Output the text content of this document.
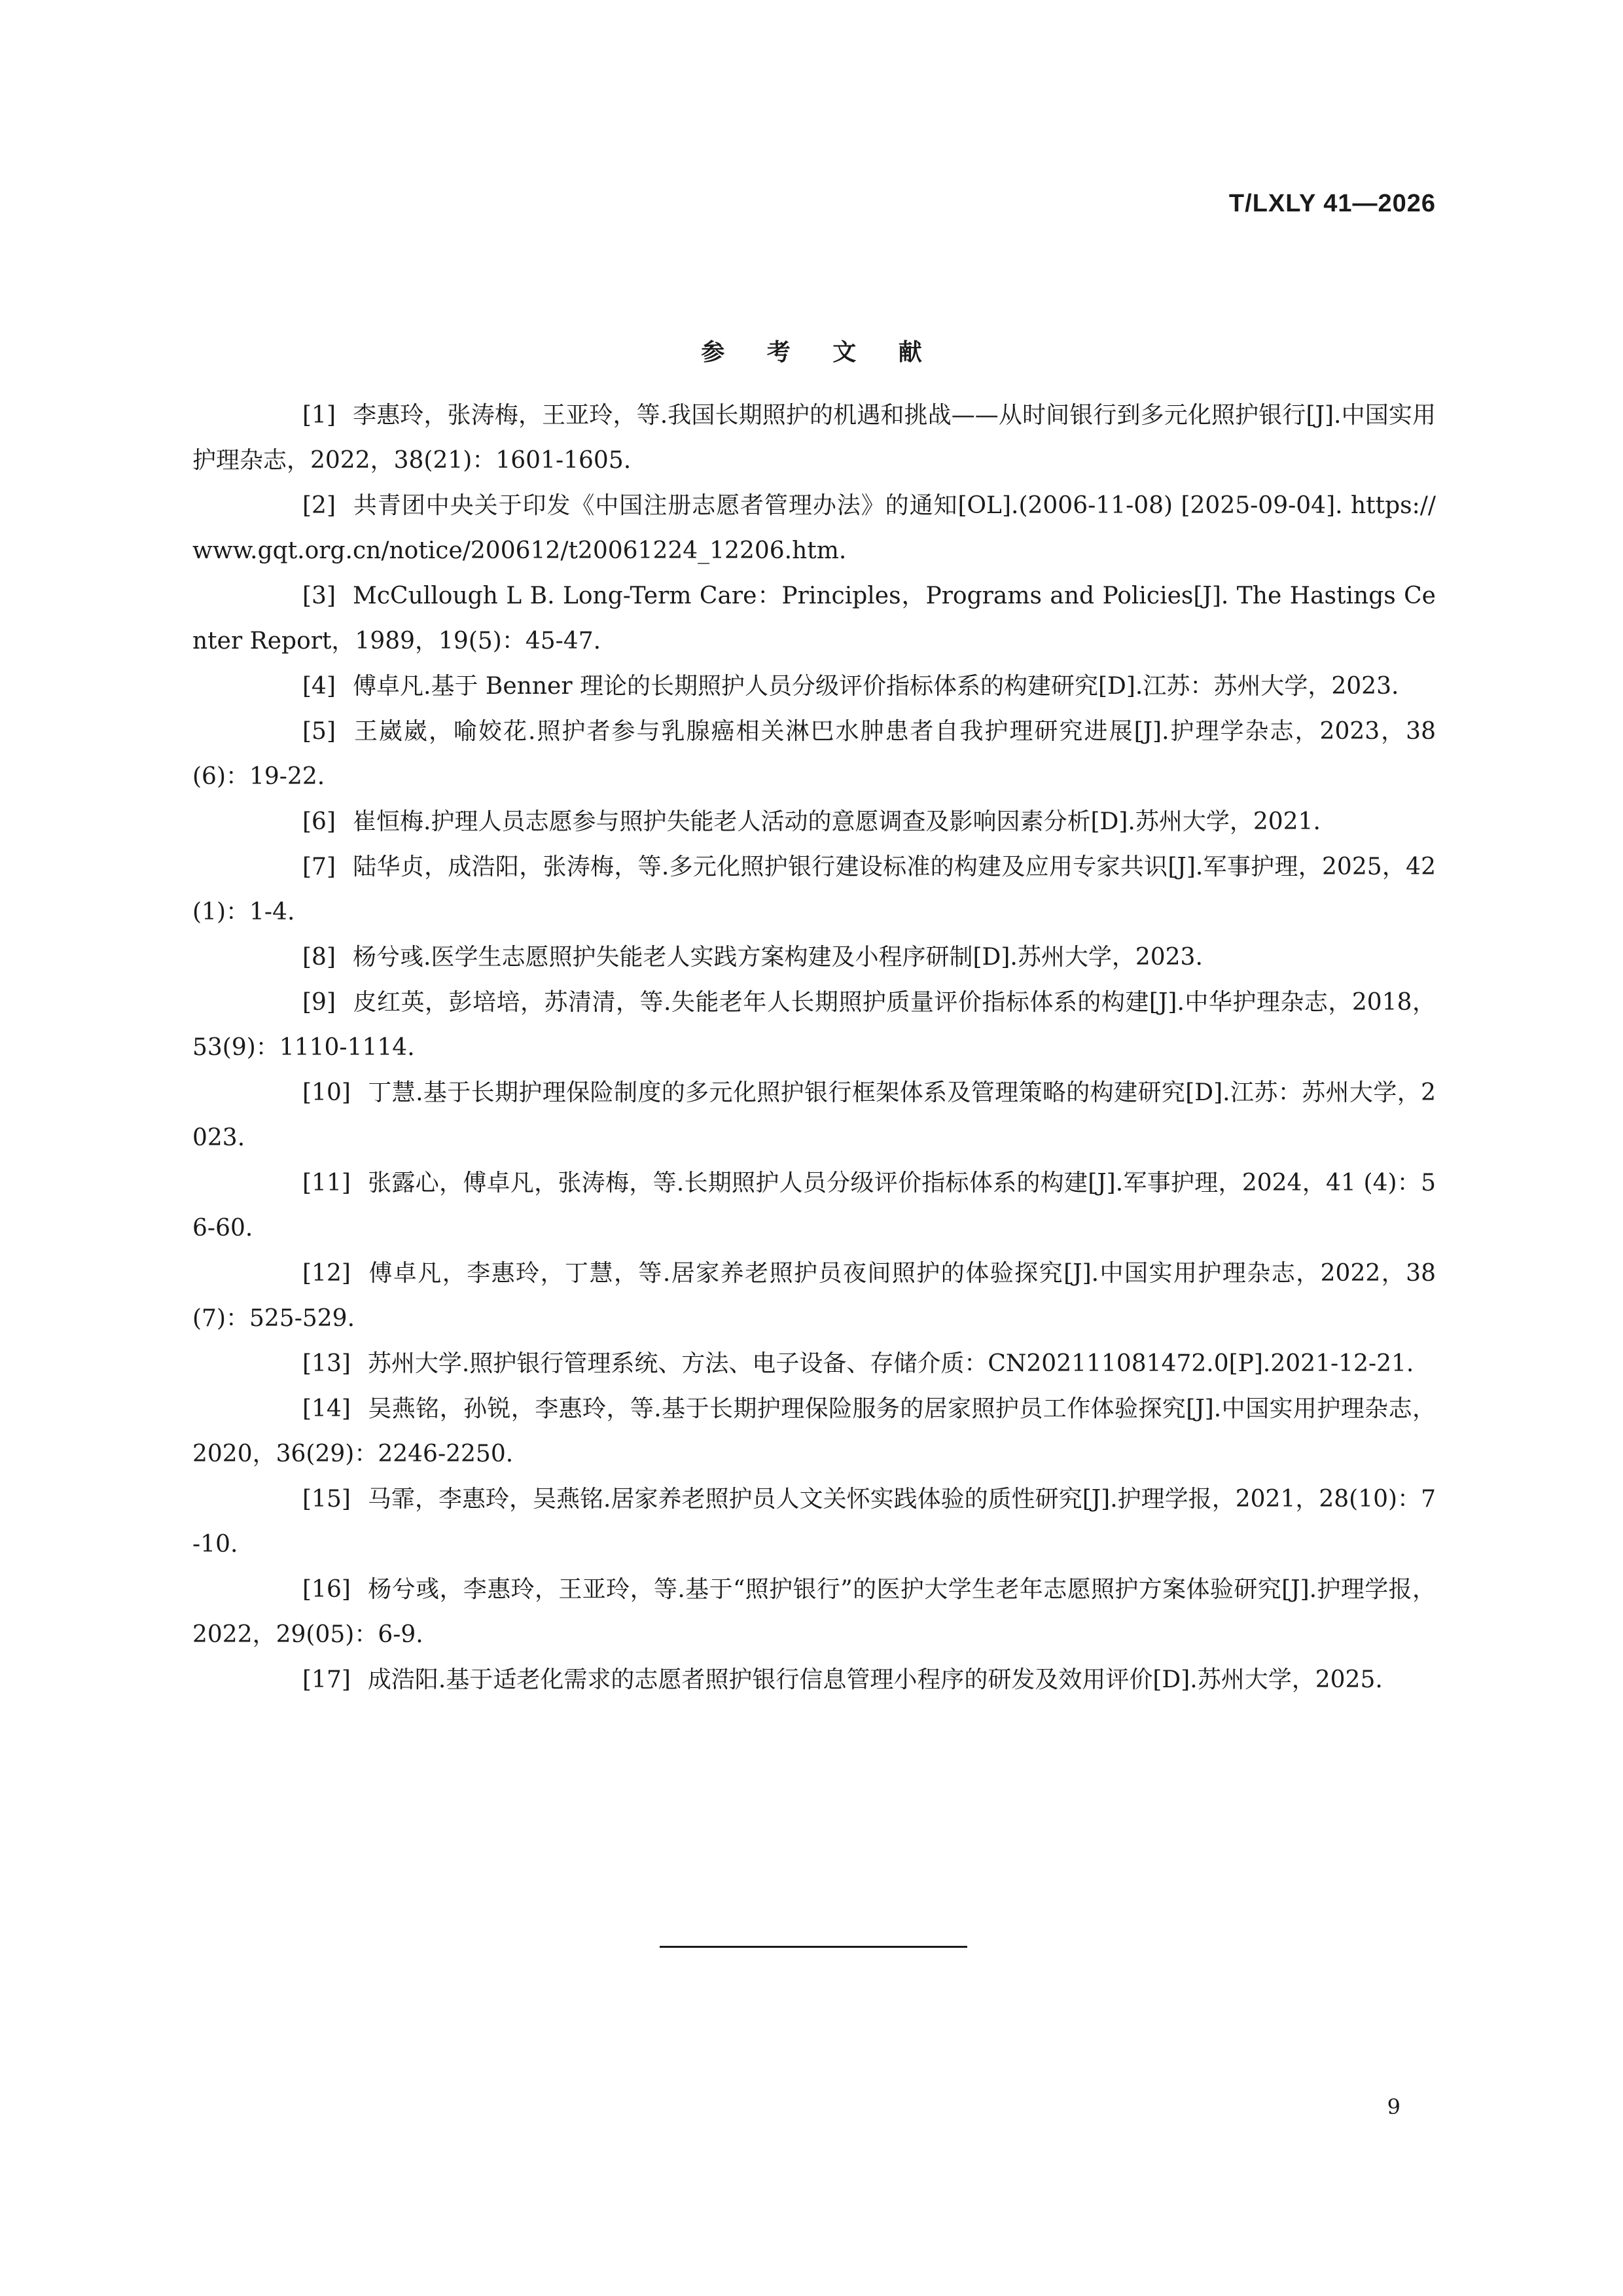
T/LXLY 41—2026
参 考 文 献
[1] 李惠玲，张涛梅，王亚玲，等.我国长期照护的机遇和挑战——从时间银行到多元化照护银行[J].中国实用护理杂志，2022，38(21)：1601-1605.
[2] 共青团中央关于印发《中国注册志愿者管理办法》的通知[OL].(2006-11-08) [2025-09-04]. https://www.gqt.org.cn/notice/200612/t20061224_12206.htm.
[3] McCullough L B. Long-Term Care：Principles，Programs and Policies[J]. The Hastings Center Report，1989，19(5)：45-47.
[4] 傅卓凡.基于 Benner 理论的长期照护人员分级评价指标体系的构建研究[D].江苏：苏州大学，2023.
[5] 王崴崴，喻姣花.照护者参与乳腺癌相关淋巴水肿患者自我护理研究进展[J].护理学杂志，2023，38(6)：19-22.
[6] 崔恒梅.护理人员志愿参与照护失能老人活动的意愿调查及影响因素分析[D].苏州大学，2021.
[7] 陆华贞，成浩阳，张涛梅，等.多元化照护银行建设标准的构建及应用专家共识[J].军事护理，2025，42 (1)：1-4.
[8] 杨兮彧.医学生志愿照护失能老人实践方案构建及小程序研制[D].苏州大学，2023.
[9] 皮红英，彭培培，苏清清，等.失能老年人长期照护质量评价指标体系的构建[J].中华护理杂志，2018，53(9)：1110-1114.
[10] 丁慧.基于长期护理保险制度的多元化照护银行框架体系及管理策略的构建研究[D].江苏：苏州大学，2023.
[11] 张露心，傅卓凡，张涛梅，等.长期照护人员分级评价指标体系的构建[J].军事护理，2024，41 (4)：56-60.
[12] 傅卓凡，李惠玲，丁慧，等.居家养老照护员夜间照护的体验探究[J].中国实用护理杂志，2022，38(7)：525-529.
[13] 苏州大学.照护银行管理系统、方法、电子设备、存储介质：CN202111081472.0[P].2021-12-21.
[14] 吴燕铭，孙锐，李惠玲，等.基于长期护理保险服务的居家照护员工作体验探究[J].中国实用护理杂志，2020，36(29)：2246-2250.
[15] 马霏，李惠玲，吴燕铭.居家养老照护员人文关怀实践体验的质性研究[J].护理学报，2021，28(10)：7-10.
[16] 杨兮彧，李惠玲，王亚玲，等.基于“照护银行”的医护大学生老年志愿照护方案体验研究[J].护理学报，2022，29(05)：6-9.
[17] 成浩阳.基于适老化需求的志愿者照护银行信息管理小程序的研发及效用评价[D].苏州大学，2025.
9
